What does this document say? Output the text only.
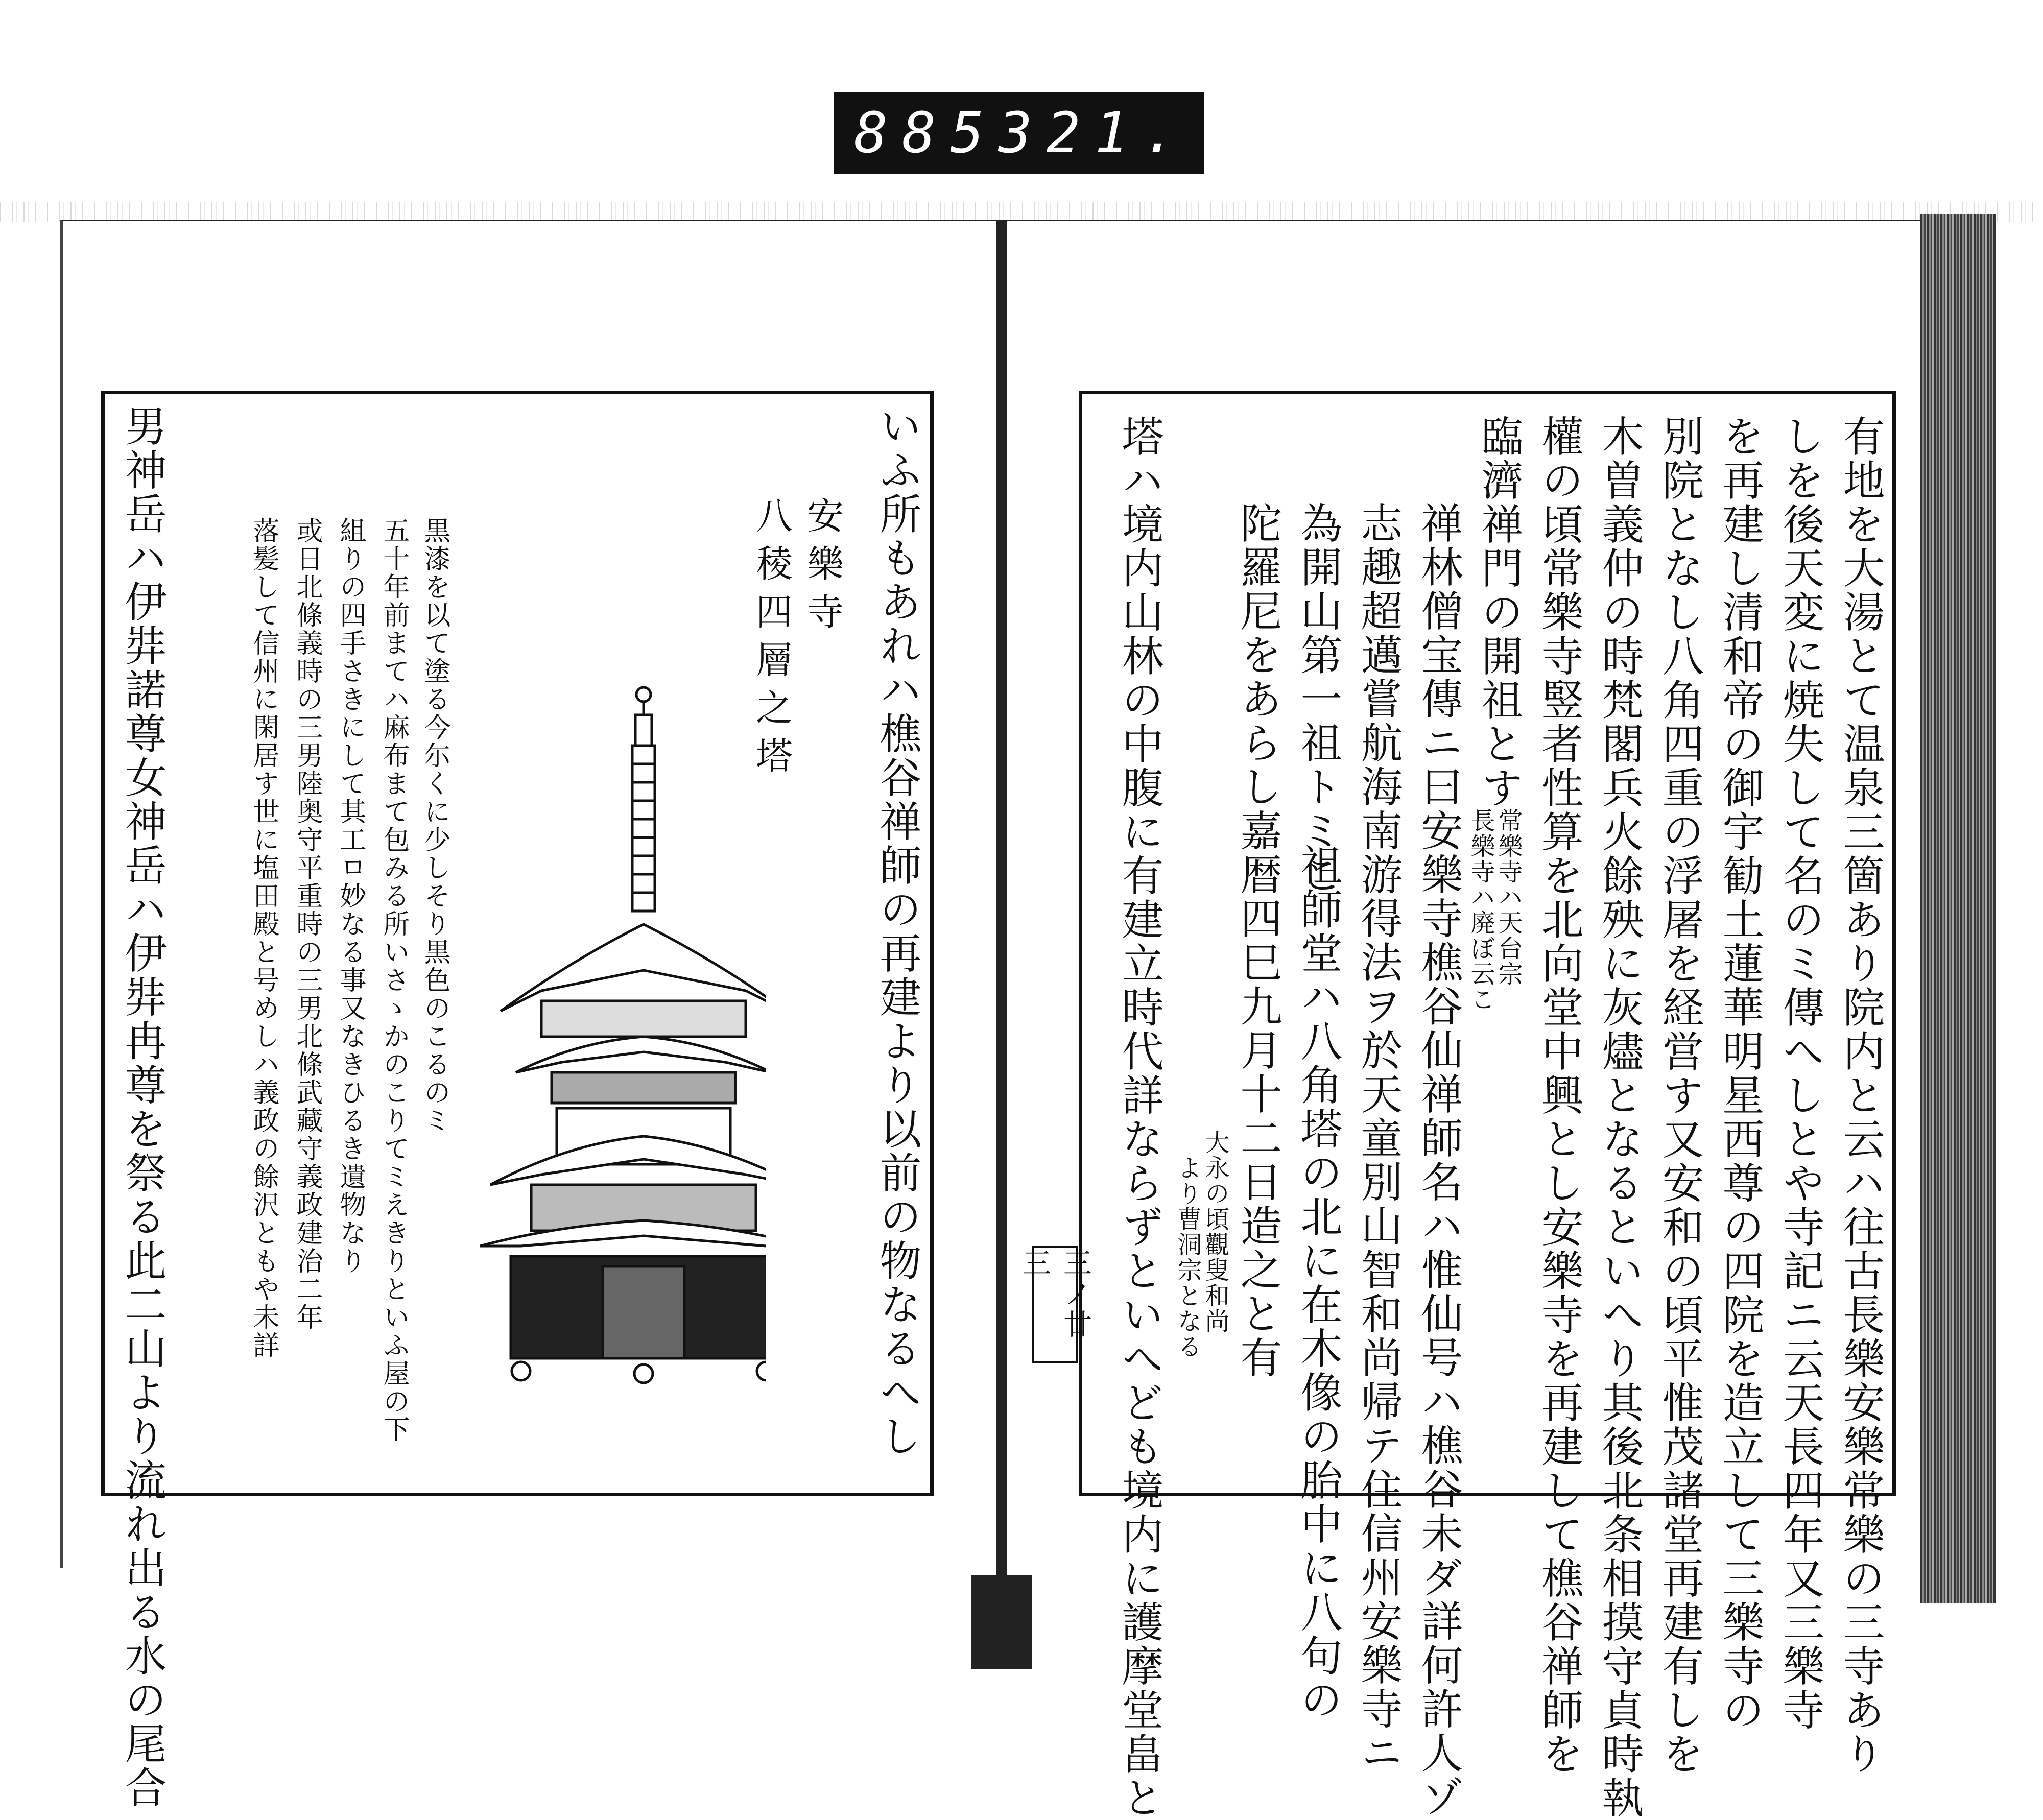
885 321.
有地を大湯とて温泉三箇あり院内と云ハ往古長樂安樂常樂の三寺あり
しを後天変に焼失して名のミ傳へしとや寺記ニ云天長四年又三樂寺
を再建し清和帝の御宇勧土蓮華明星西尊の四院を造立して三樂寺の
別院となし八角四重の浮屠を経営す又安和の頃平惟茂諸堂再建有しを
木曽義仲の時梵閣兵火餘殃に灰燼となるといへり其後北条相摸守貞時執
權の頃常樂寺竪者性算を北向堂中興とし安樂寺を再建して樵谷禅師を
臨濟禅門の開祖とす
常樂寺ハ天台宗
長樂寺ハ廃ぼ云こ
禅林僧宝傳ニ曰安樂寺樵谷仙禅師名ハ惟仙号ハ樵谷未ダ詳何許人ゾ
志趣超邁嘗航海南游得法ヲ於天童別山智和尚帰テ住信州安樂寺ニ
為開山第一祖トミこ
祖師堂ハ八角塔の北に在木像の胎中に八句の
陀羅尼をあらし嘉暦四巳九月十二日造之と有
大永の頃觀叟和尚
より曹洞宗となる
塔ハ境内山林の中腹に有建立時代詳ならずといへども境内に護摩堂畠と
三ノ廿三
いふ所もあれハ樵谷禅師の再建より以前の物なるへし
安樂寺
八稜四層之塔
黒漆を以て塗る今尓くに少しそり黒色のこるのミ
五十年前まてハ麻布まて包みる所いさゝかのこりてミえきりといふ屋の下
組りの四手さきにして其工ㅁ妙なる事又なきひるき遺物なり
或日北條義時の三男陸奥守平重時の三男北條武藏守義政建治二年
落髪して信州に閑居す世に塩田殿と号めしハ義政の餘沢ともや未詳
男神岳ハ伊弉諾尊女神岳ハ伊弉冉尊を祭る此二山より流れ出る水の尾合
